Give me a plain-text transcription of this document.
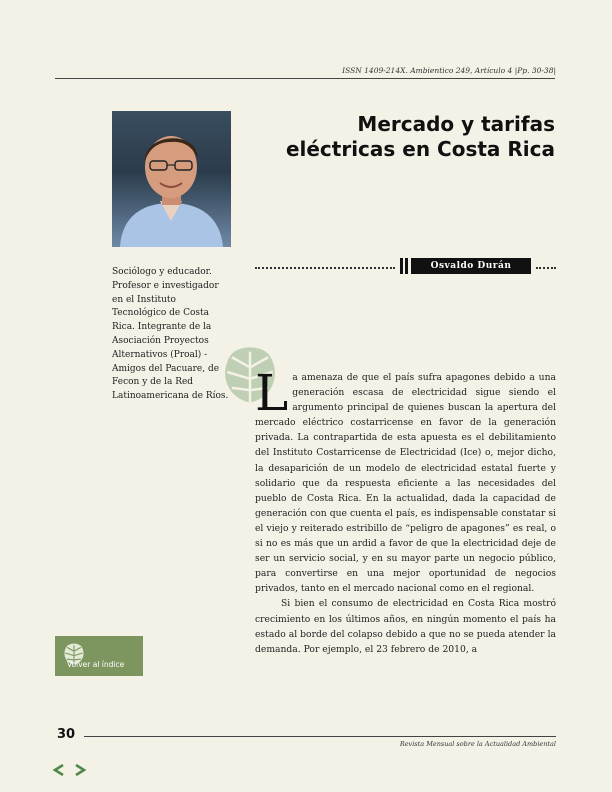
ISSN 1409-214X. Ambientico 249, Artículo 4 |Pp. 30-38|
Mercado y tarifas
eléctricas en Costa Rica
Osvaldo Durán
Sociólogo y educador. Profesor e investigador en el Instituto Tecnológico de Costa Rica. Integrante de la Asociación Proyectos Alternativos (Proal) - Amigos del Pacuare, de Fecon y de la Red Latinoamericana de Ríos. La amenaza de que el país sufra apagones debido a una generación escasa de electricidad sigue siendo el argumento principal de quienes buscan la apertura del mercado eléctrico costarricense en favor de la generación privada. La contrapartida de esta apuesta es el debilitamiento del Instituto Costarricense de Electricidad (Ice) o, mejor dicho, la desaparición de un modelo de electricidad estatal fuerte y solidario que da respuesta eficiente a las necesidades del pueblo de Costa Rica. En la actualidad, dada la capacidad de generación con que cuenta el país, es indispensable constatar si el viejo y reiterado estribillo de “peligro de apagones” es real, o si no es más que un ardid a favor de que la electricidad deje de ser un servicio social, y en su mayor parte un negocio público, para convertirse en una mejor oportunidad de negocios privados, tanto en el mercado nacional como en el regional.

Si bien el consumo de electricidad en Costa Rica mostró crecimiento en los últimos años, en ningún momento el país ha estado al borde del colapso debido a que no se pueda atender la demanda. Por ejemplo, el 23 febrero de 2010, a

Volver al índice
30
Revista Mensual sobre la Actualidad Ambiental
